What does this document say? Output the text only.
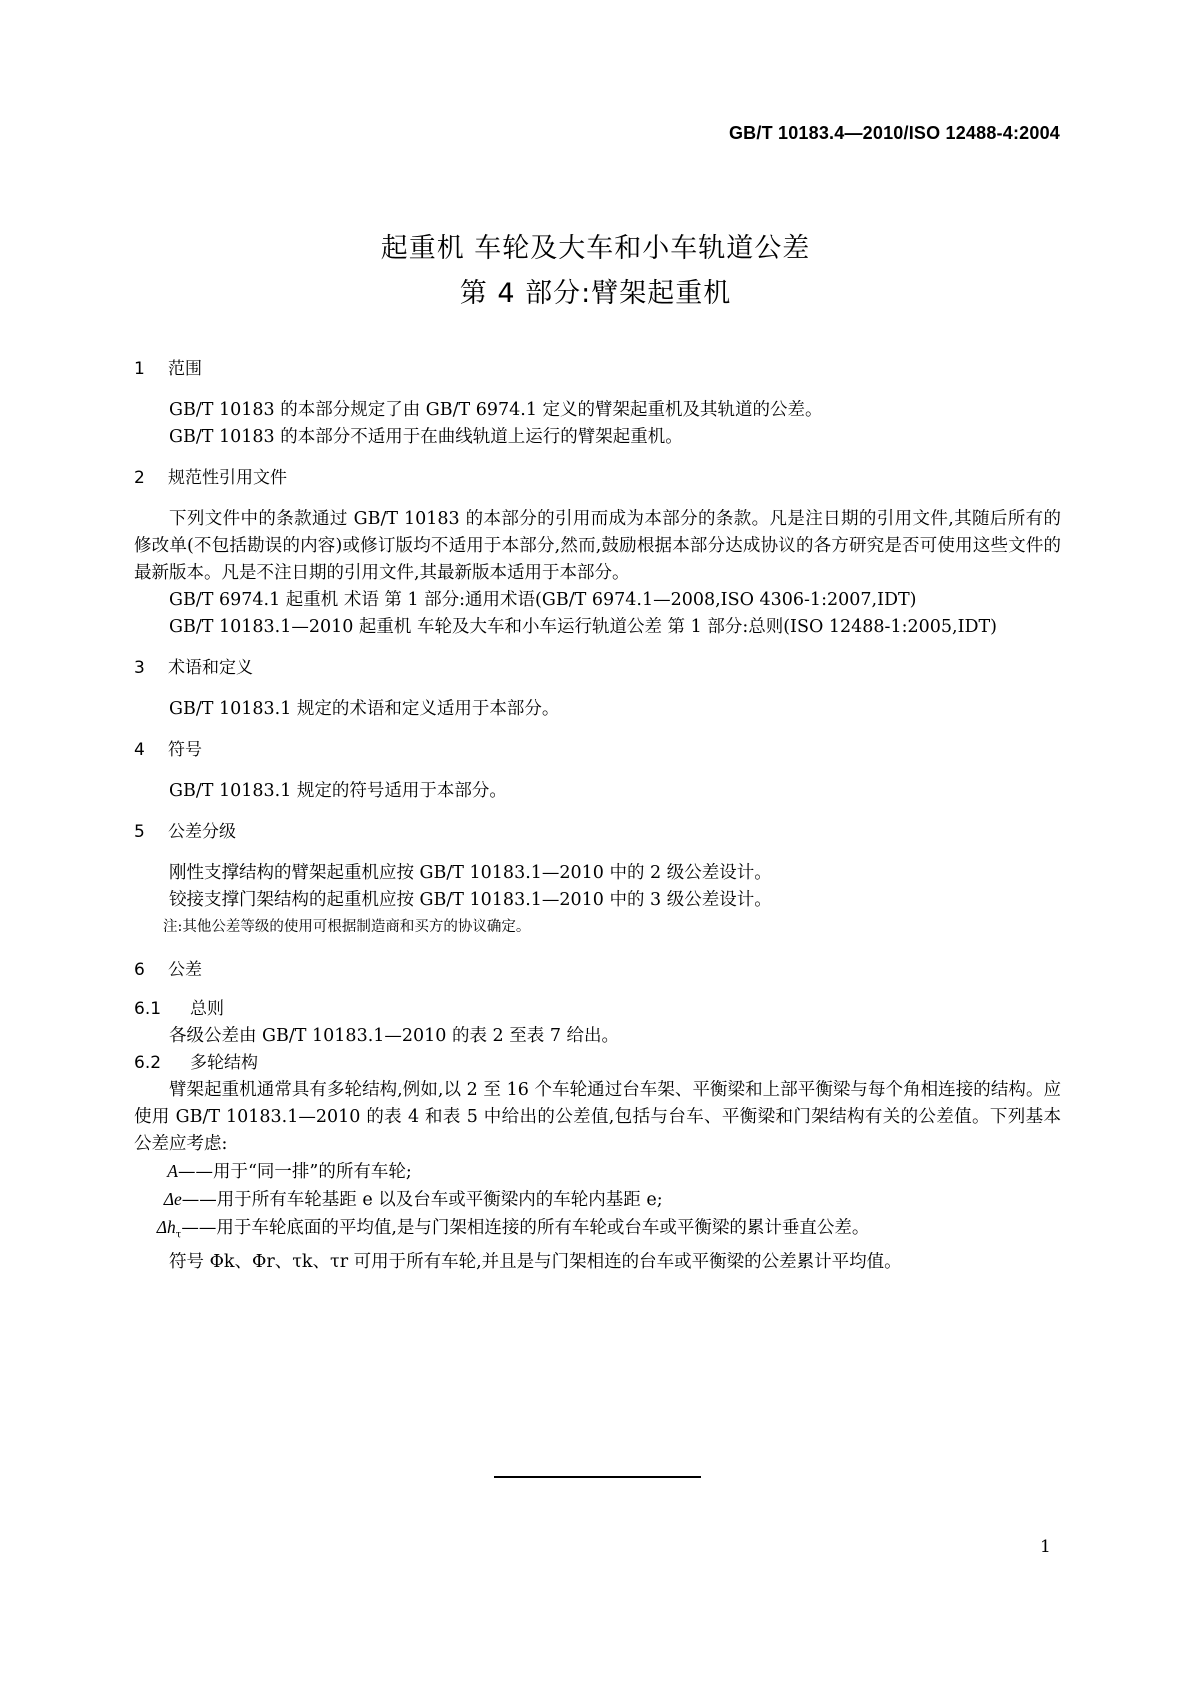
GB/T 10183.4—2010/ISO 12488-4:2004
起重机 车轮及大车和小车轨道公差
第 4 部分:臂架起重机
1 范围

GB/T 10183 的本部分规定了由 GB/T 6974.1 定义的臂架起重机及其轨道的公差。

GB/T 10183 的本部分不适用于在曲线轨道上运行的臂架起重机。

2 规范性引用文件

下列文件中的条款通过 GB/T 10183 的本部分的引用而成为本部分的条款。凡是注日期的引用文件,其随后所有的修改单(不包括勘误的内容)或修订版均不适用于本部分,然而,鼓励根据本部分达成协议的各方研究是否可使用这些文件的最新版本。凡是不注日期的引用文件,其最新版本适用于本部分。

GB/T 6974.1 起重机 术语 第 1 部分:通用术语(GB/T 6974.1—2008,ISO 4306-1:2007,IDT)

GB/T 10183.1—2010 起重机 车轮及大车和小车运行轨道公差 第 1 部分:总则(ISO 12488-1:2005,IDT)

3 术语和定义

GB/T 10183.1 规定的术语和定义适用于本部分。

4 符号

GB/T 10183.1 规定的符号适用于本部分。

5 公差分级

刚性支撑结构的臂架起重机应按 GB/T 10183.1—2010 中的 2 级公差设计。

铰接支撑门架结构的起重机应按 GB/T 10183.1—2010 中的 3 级公差设计。

注:其他公差等级的使用可根据制造商和买方的协议确定。

6 公差
6.1 总则

各级公差由 GB/T 10183.1—2010 的表 2 至表 7 给出。

6.2 多轮结构

臂架起重机通常具有多轮结构,例如,以 2 至 16 个车轮通过台车架、平衡梁和上部平衡梁与每个角相连接的结构。应使用 GB/T 10183.1—2010 的表 4 和表 5 中给出的公差值,包括与台车、平衡梁和门架结构有关的公差值。下列基本公差应考虑:

A——用于“同一排”的所有车轮;

Δe——用于所有车轮基距 e 以及台车或平衡梁内的车轮内基距 e;

$\Delta h_\tau——$用于车轮底面的平均值,是与门架相连接的所有车轮或台车或平衡梁的累计垂直公差。

符号 Φk、Φr、τk、τr 可用于所有车轮,并且是与门架相连的台车或平衡梁的公差累计平均值。

1
